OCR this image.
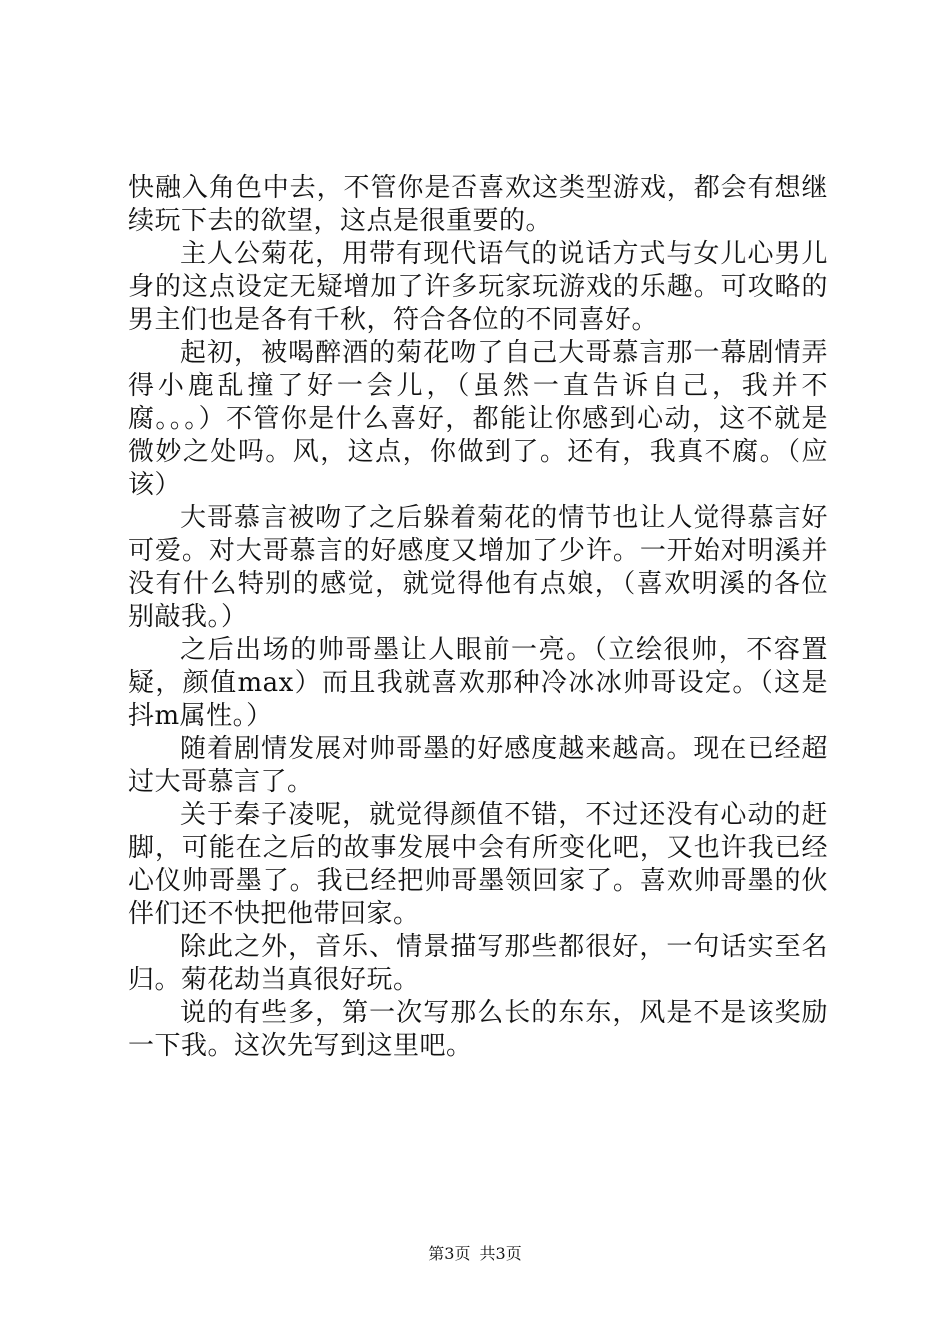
快融入角色中去，不管你是否喜欢这类型游戏，都会有想继续玩下去的欲望，这点是很重要的。

主人公菊花，用带有现代语气的说话方式与女儿心男儿身的这点设定无疑增加了许多玩家玩游戏的乐趣。可攻略的男主们也是各有千秋，符合各位的不同喜好。

起初，被喝醉酒的菊花吻了自己大哥慕言那一幕剧情弄得小鹿乱撞了好一会儿，（虽然一直告诉自己，我并不腐。。。）不管你是什么喜好，都能让你感到心动，这不就是微妙之处吗。风，这点，你做到了。还有，我真不腐。（应该）

大哥慕言被吻了之后躲着菊花的情节也让人觉得慕言好可爱。对大哥慕言的好感度又增加了少许。一开始对明溪并没有什么特别的感觉，就觉得他有点娘，（喜欢明溪的各位别敲我。）

之后出场的帅哥墨让人眼前一亮。（立绘很帅，不容置疑，颜值max）而且我就喜欢那种冷冰冰帅哥设定。（这是抖m属性。）

随着剧情发展对帅哥墨的好感度越来越高。现在已经超过大哥慕言了。

关于秦子凌呢，就觉得颜值不错，不过还没有心动的赶脚，可能在之后的故事发展中会有所变化吧，又也许我已经心仪帅哥墨了。我已经把帅哥墨领回家了。喜欢帅哥墨的伙伴们还不快把他带回家。

除此之外，音乐、情景描写那些都很好，一句话实至名归。菊花劫当真很好玩。

说的有些多，第一次写那么长的东东，风是不是该奖励一下我。这次先写到这里吧。

第3页 共3页
